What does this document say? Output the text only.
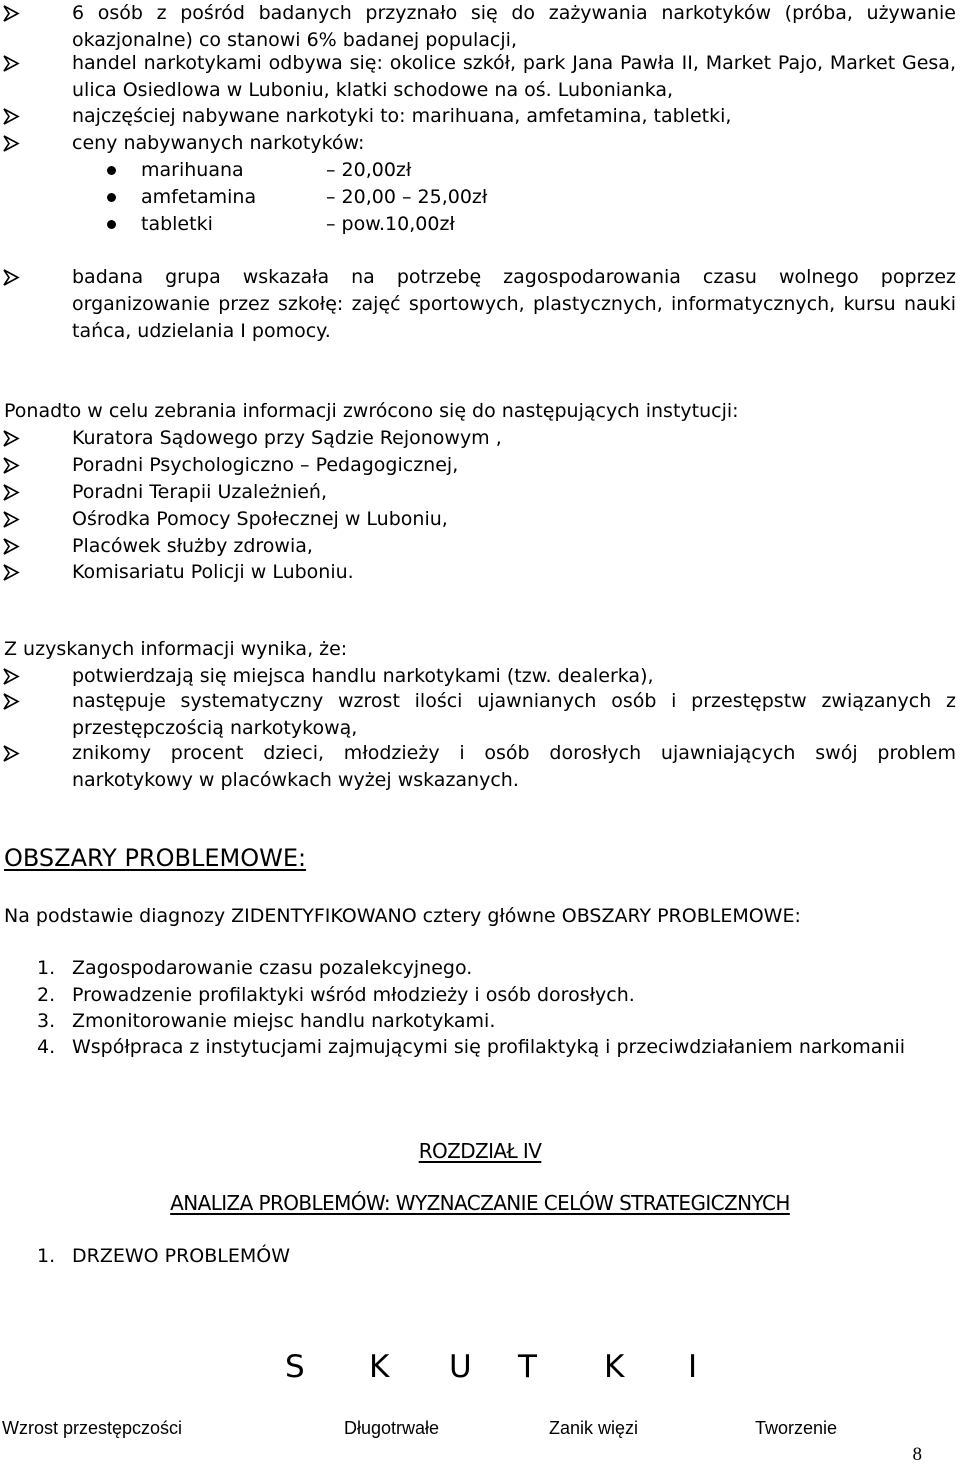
6 osób z pośród badanych przyznało się do zażywania narkotyków (próba, używanie okazjonalne) co stanowi 6% badanej populacji,
handel narkotykami odbywa się: okolice szkół, park Jana Pawła II, Market Pajo, Market Gesa, ulica Osiedlowa w Luboniu, klatki schodowe na oś. Lubonianka,
najczęściej nabywane narkotyki to: marihuana, amfetamina, tabletki,
ceny nabywanych narkotyków:
marihuana	– 20,00zł
amfetamina	– 20,00 – 25,00zł
tabletki	– pow.10,00zł
badana grupa wskazała na potrzebę zagospodarowania czasu wolnego poprzez organizowanie przez szkołę: zajęć sportowych, plastycznych, informatycznych, kursu nauki tańca, udzielania I pomocy.
Ponadto w celu zebrania informacji zwrócono się do następujących instytucji:
Kuratora Sądowego przy Sądzie Rejonowym ,
Poradni Psychologiczno – Pedagogicznej,
Poradni Terapii Uzależnień,
Ośrodka Pomocy Społecznej w Luboniu,
Placówek służby zdrowia,
Komisariatu Policji w Luboniu.
Z uzyskanych informacji wynika, że:
potwierdzają się miejsca handlu narkotykami (tzw. dealerka),
następuje systematyczny wzrost ilości ujawnianych osób i przestępstw związanych z przestępczością narkotykową,
znikomy procent dzieci, młodzieży i osób dorosłych ujawniających swój problem narkotykowy w placówkach wyżej wskazanych.
OBSZARY PROBLEMOWE:
Na podstawie diagnozy ZIDENTYFIKOWANO cztery główne OBSZARY PROBLEMOWE:
1. Zagospodarowanie czasu pozalekcyjnego.
2. Prowadzenie profilaktyki wśród młodzieży i osób dorosłych.
3. Zmonitorowanie miejsc handlu narkotykami.
4. Współpraca z instytucjami zajmującymi się profilaktyką i przeciwdziałaniem narkomanii
ROZDZIAŁ IV
ANALIZA PROBLEMÓW: WYZNACZANIE CELÓW STRATEGICZNYCH
1. DRZEWO PROBLEMÓW
S K U T K I
Wzrost przestępczości	Długotrwałe	Zanik więzi	Tworzenie
8
